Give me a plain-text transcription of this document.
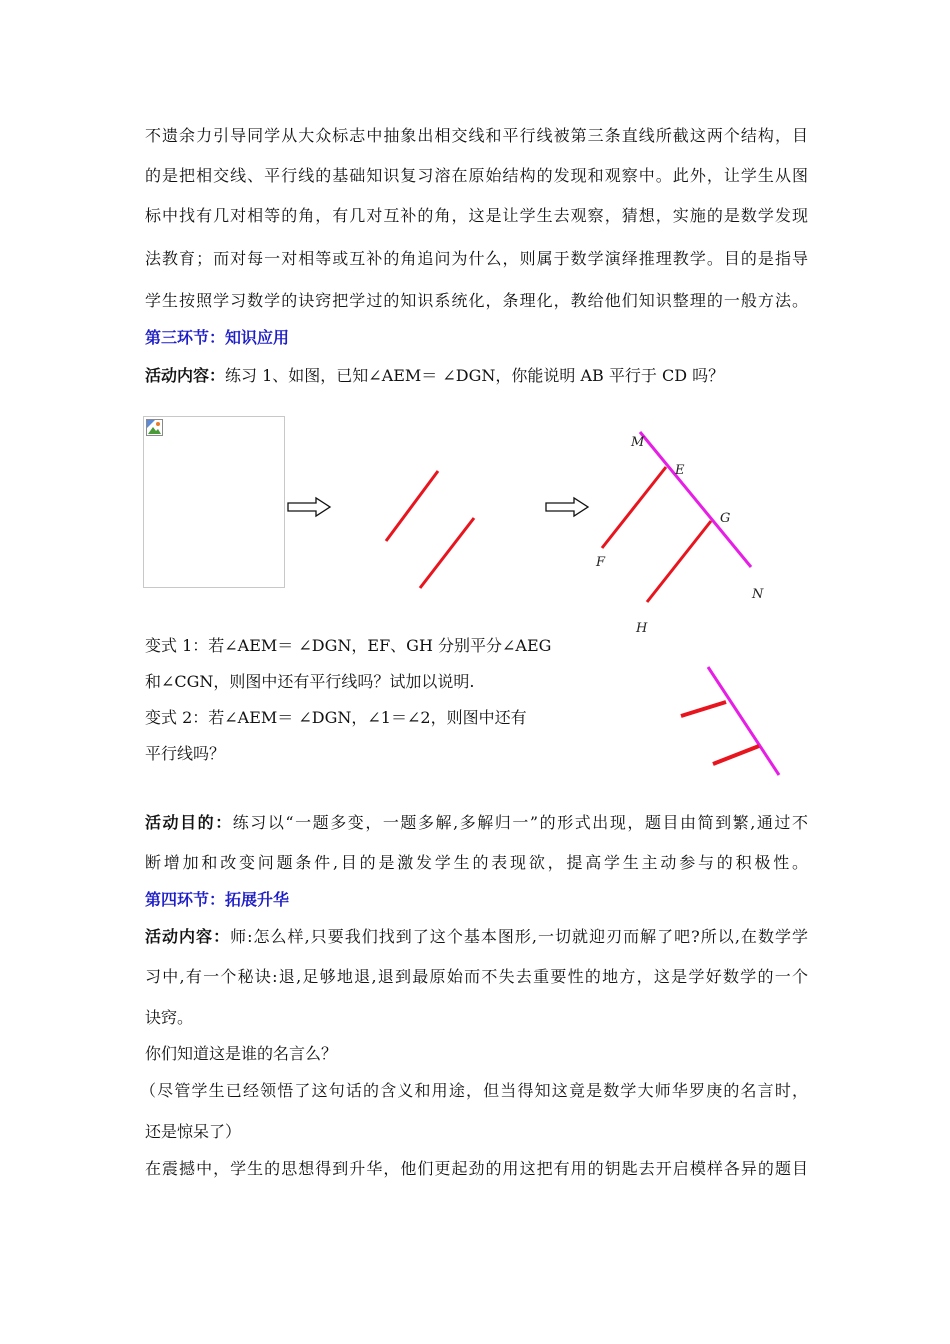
不遗余力引导同学从大众标志中抽象出相交线和平行线被第三条直线所截这两个结构，目
的是把相交线、平行线的基础知识复习溶在原始结构的发现和观察中。此外，让学生从图
标中找有几对相等的角，有几对互补的角，这是让学生去观察，猜想，实施的是数学发现
法教育；而对每一对相等或互补的角追问为什么，则属于数学演绎推理教学。目的是指导
学生按照学习数学的诀窍把学过的知识系统化，条理化，教给他们知识整理的一般方法。
第三环节：知识应用
活动内容：练习 1、如图，已知∠AEM＝ ∠DGN，你能说明 AB 平行于 CD 吗？
M
E
G
F
N
H
变式 1：若∠AEM＝ ∠DGN，EF、GH 分别平分∠AEG
和∠CGN，则图中还有平行线吗？试加以说明.
变式 2：若∠AEM＝ ∠DGN，∠1＝∠2，则图中还有
平行线吗？
活动目的：练习以“一题多变，一题多解,多解归一”的形式出现，题目由简到繁,通过不
断增加和改变问题条件,目的是激发学生的表现欲，提高学生主动参与的积极性。
第四环节：拓展升华
活动内容：师:怎么样,只要我们找到了这个基本图形,一切就迎刃而解了吧?所以,在数学学
习中,有一个秘诀:退,足够地退,退到最原始而不失去重要性的地方，这是学好数学的一个
诀窍。
你们知道这是谁的名言么？
（尽管学生已经领悟了这句话的含义和用途，但当得知这竟是数学大师华罗庚的名言时，
还是惊呆了）
在震撼中，学生的思想得到升华，他们更起劲的用这把有用的钥匙去开启模样各异的题目
